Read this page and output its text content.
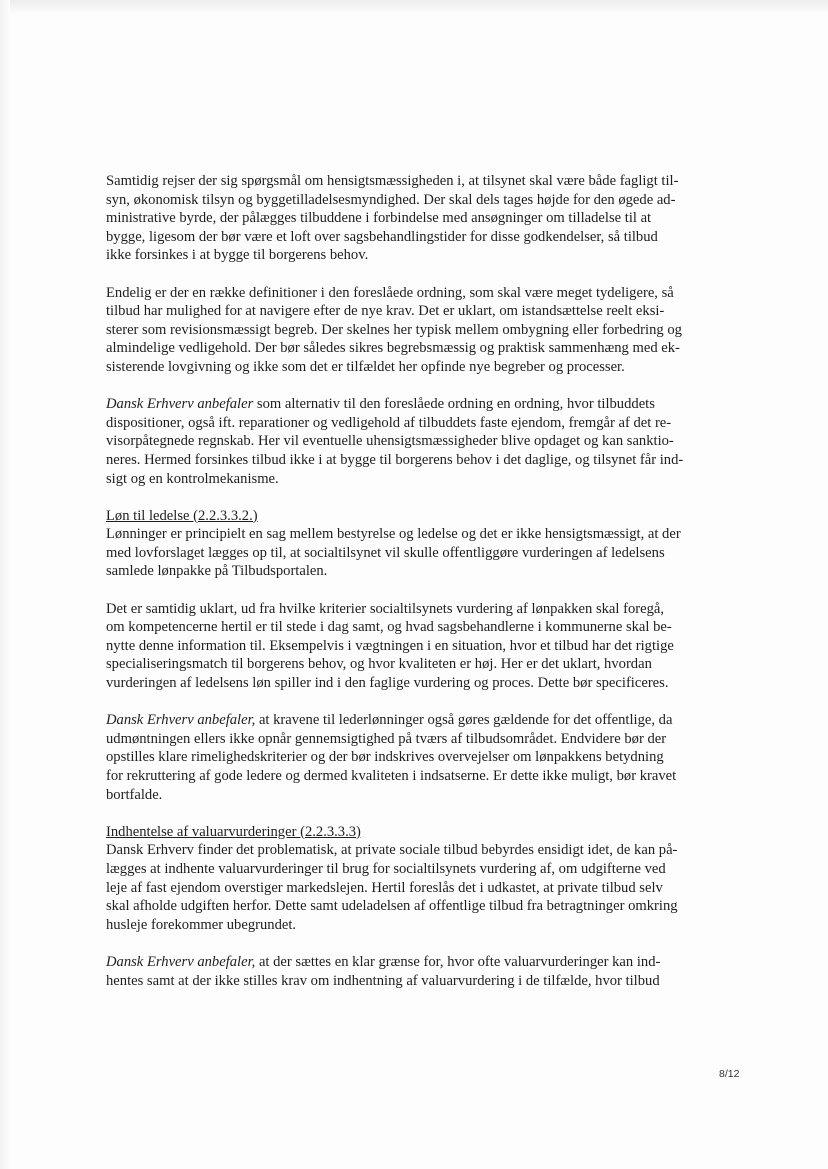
Samtidig rejser der sig spørgsmål om hensigtsmæssigheden i, at tilsynet skal være både fagligt til-
syn, økonomisk tilsyn og byggetilladelsesmyndighed. Der skal dels tages højde for den øgede ad-
ministrative byrde, der pålægges tilbuddene i forbindelse med ansøgninger om tilladelse til at
bygge, ligesom der bør være et loft over sagsbehandlingstider for disse godkendelser, så tilbud
ikke forsinkes i at bygge til borgerens behov.

Endelig er der en række definitioner i den foreslåede ordning, som skal være meget tydeligere, så
tilbud har mulighed for at navigere efter de nye krav. Det er uklart, om istandsættelse reelt eksi-
sterer som revisionsmæssigt begreb. Der skelnes her typisk mellem ombygning eller forbedring og
almindelige vedligehold. Der bør således sikres begrebsmæssig og praktisk sammenhæng med ek-
sisterende lovgivning og ikke som det er tilfældet her opfinde nye begreber og processer.

Dansk Erhverv anbefaler som alternativ til den foreslåede ordning en ordning, hvor tilbuddets
dispositioner, også ift. reparationer og vedligehold af tilbuddets faste ejendom, fremgår af det re-
visorpåtegnede regnskab. Her vil eventuelle uhensigtsmæssigheder blive opdaget og kan sanktio-
neres. Hermed forsinkes tilbud ikke i at bygge til borgerens behov i det daglige, og tilsynet får ind-
sigt og en kontrolmekanisme.

Løn til ledelse (2.2.3.3.2.)
Lønninger er principielt en sag mellem bestyrelse og ledelse og det er ikke hensigtsmæssigt, at der
med lovforslaget lægges op til, at socialtilsynet vil skulle offentliggøre vurderingen af ledelsens
samlede lønpakke på Tilbudsportalen.

Det er samtidig uklart, ud fra hvilke kriterier socialtilsynets vurdering af lønpakken skal foregå,
om kompetencerne hertil er til stede i dag samt, og hvad sagsbehandlerne i kommunerne skal be-
nytte denne information til. Eksempelvis i vægtningen i en situation, hvor et tilbud har det rigtige
specialiseringsmatch til borgerens behov, og hvor kvaliteten er høj. Her er det uklart, hvordan
vurderingen af ledelsens løn spiller ind i den faglige vurdering og proces. Dette bør specificeres.

Dansk Erhverv anbefaler, at kravene til lederlønninger også gøres gældende for det offentlige, da
udmøntningen ellers ikke opnår gennemsigtighed på tværs af tilbudsområdet. Endvidere bør der
opstilles klare rimelighedskriterier og der bør indskrives overvejelser om lønpakkens betydning
for rekruttering af gode ledere og dermed kvaliteten i indsatserne. Er dette ikke muligt, bør kravet
bortfalde.

Indhentelse af valuarvurderinger (2.2.3.3.3)
Dansk Erhverv finder det problematisk, at private sociale tilbud bebyrdes ensidigt idet, de kan på-
lægges at indhente valuarvurderinger til brug for socialtilsynets vurdering af, om udgifterne ved
leje af fast ejendom overstiger markedslejen. Hertil foreslås det i udkastet, at private tilbud selv
skal afholde udgiften herfor. Dette samt udeladelsen af offentlige tilbud fra betragtninger omkring
husleje forekommer ubegrundet.

Dansk Erhverv anbefaler, at der sættes en klar grænse for, hvor ofte valuarvurderinger kan ind-
hentes samt at der ikke stilles krav om indhentning af valuarvurdering i de tilfælde, hvor tilbud

8/12
